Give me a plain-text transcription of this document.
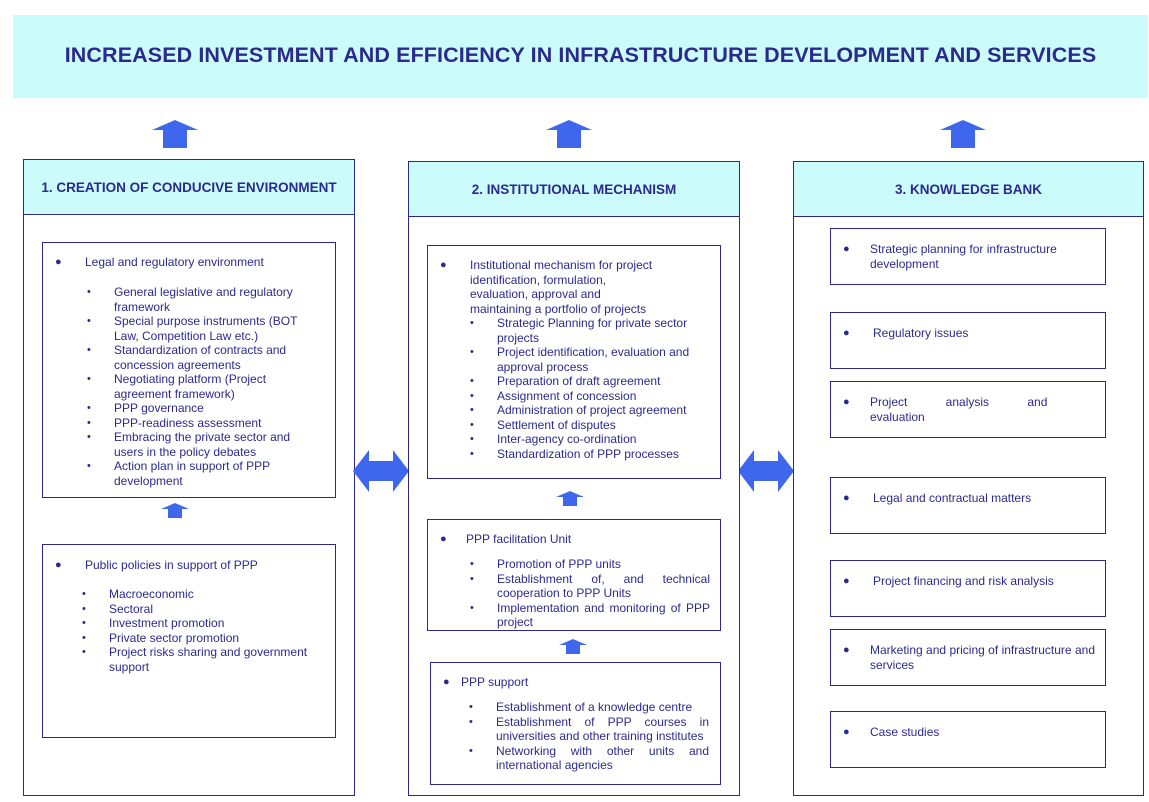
INCREASED INVESTMENT AND EFFICIENCY IN INFRASTRUCTURE DEVELOPMENT AND SERVICES
1. CREATION OF CONDUCIVE ENVIRONMENT
● Legal and regulatory environment
• General legislative and regulatory framework
• Special purpose instruments (BOT Law, Competition Law etc.)
• Standardization of contracts and concession agreements
• Negotiating platform (Project agreement framework)
• PPP governance
• PPP-readiness assessment
• Embracing the private sector and users in the policy debates
• Action plan in support of PPP development
● Public policies in support of PPP
• Macroeconomic
• Sectoral
• Investment promotion
• Private sector promotion
• Project risks sharing and government support
2. INSTITUTIONAL MECHANISM
● Institutional mechanism for project identification, formulation, evaluation, approval and maintaining a portfolio of projects
• Strategic Planning for private sector projects
• Project identification, evaluation and approval process
• Preparation of draft agreement
• Assignment of concession
• Administration of project agreement
• Settlement of disputes
• Inter-agency co-ordination
• Standardization of PPP processes
● PPP facilitation Unit
• Promotion of PPP units
• Establishment of, and technical cooperation to PPP Units
• Implementation and monitoring of PPP project
● PPP support
• Establishment of a knowledge centre
• Establishment of PPP courses in universities and other training institutes
• Networking with other units and international agencies
3. KNOWLEDGE BANK
● Strategic planning for infrastructure development
● Regulatory issues
● Project analysis and evaluation
● Legal and contractual matters
● Project financing and risk analysis
● Marketing and pricing of infrastructure and services
● Case studies
